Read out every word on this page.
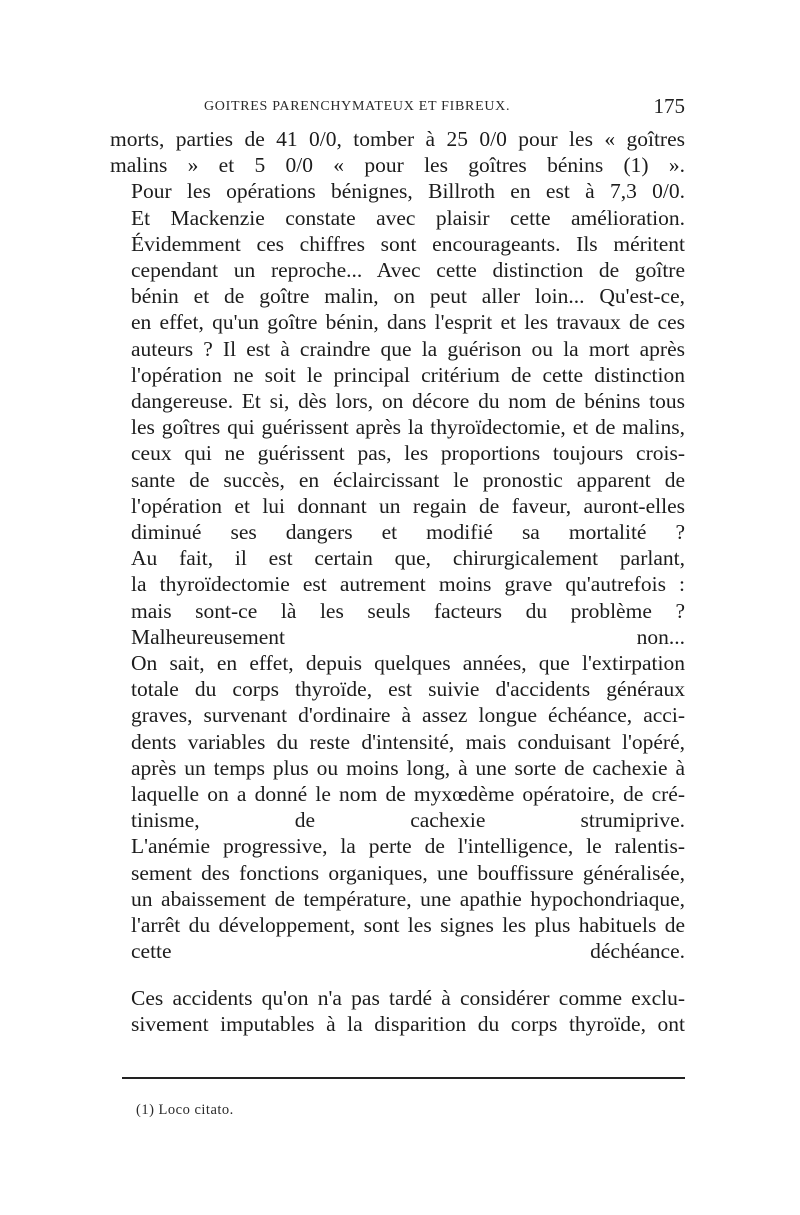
GOITRES PARENCHYMATEUX ET FIBREUX.	175

morts, parties de 41 0/0, tomber à 25 0/0 pour les « goîtres
malins » et 5 0/0 « pour les goîtres bénins (1) ».

Pour les opérations bénignes, Billroth en est à 7,3 0/0.

Et Mackenzie constate avec plaisir cette amélioration.

Évidemment ces chiffres sont encourageants. Ils méritent
cependant un reproche... Avec cette distinction de goître
bénin et de goître malin, on peut aller loin... Qu'est-ce,
en effet, qu'un goître bénin, dans l'esprit et les travaux de ces
auteurs ? Il est à craindre que la guérison ou la mort après
l'opération ne soit le principal critérium de cette distinction
dangereuse. Et si, dès lors, on décore du nom de bénins tous
les goîtres qui guérissent après la thyroïdectomie, et de malins,
ceux qui ne guérissent pas, les proportions toujours crois-
sante de succès, en éclaircissant le pronostic apparent de
l'opération et lui donnant un regain de faveur, auront-elles
diminué ses dangers et modifié sa mortalité ?

Au fait, il est certain que, chirurgicalement parlant,
la thyroïdectomie est autrement moins grave qu'autrefois :
mais sont-ce là les seuls facteurs du problème ?

Malheureusement non...

On sait, en effet, depuis quelques années, que l'extirpation
totale du corps thyroïde, est suivie d'accidents généraux
graves, survenant d'ordinaire à assez longue échéance, acci-
dents variables du reste d'intensité, mais conduisant l'opéré,
après un temps plus ou moins long, à une sorte de cachexie à
laquelle on a donné le nom de myxœdème opératoire, de cré-
tinisme, de cachexie strumiprive.

L'anémie progressive, la perte de l'intelligence, le ralentis-
sement des fonctions organiques, une bouffissure généralisée,
un abaissement de température, une apathie hypochondriaque,
l'arrêt du développement, sont les signes les plus habituels de
cette déchéance.

Ces accidents qu'on n'a pas tardé à considérer comme exclu-
sivement imputables à la disparition du corps thyroïde, ont

(1) Loco citato.
